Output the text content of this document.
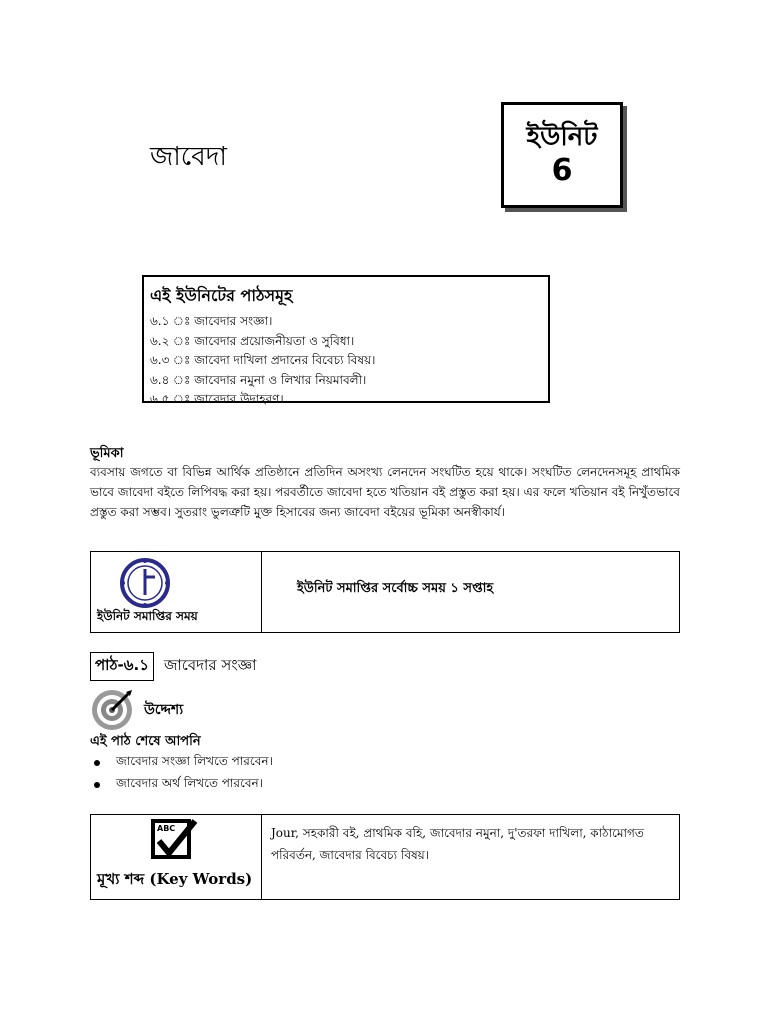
জাবেদা
ইউনিট
6
এই ইউনিটের পাঠসমূহ
৬.১ ঃ জাবেদার সংজ্ঞা।
৬.২ ঃ জাবেদার প্রয়োজনীয়তা ও সুবিধা।
৬.৩ ঃ জাবেদা দাখিলা প্রদানের বিবেচ্য বিষয়।
৬.৪ ঃ জাবেদার নমুনা ও লিখার নিয়মাবলী।
৬.৫ ঃ জাবেদার উদাহরণ।
ভূমিকা
ব্যবসায় জগতে বা বিভিন্ন আর্থিক প্রতিষ্ঠানে প্রতিদিন অসংখ্য লেনদেন সংঘটিত হয়ে থাকে। সংঘটিত লেনদেনসমূহ প্রাথমিক ভাবে জাবেদা বইতে লিপিবদ্ধ করা হয়। পরবর্তীতে জাবেদা হতে খতিয়ান বই প্রস্তুত করা হয়। এর ফলে খতিয়ান বই নিখুঁতভাবে প্রস্তুত করা সম্ভব। সুতরাং ভুলত্রুটি মুক্ত হিসাবের জন্য জাবেদা বইয়ের ভূমিকা অনস্বীকার্য।
ইউনিট সমাপ্তির সময়

ইউনিট সমাপ্তির সর্বোচ্চ সময় ১ সপ্তাহ
পাঠ-৬.১	জাবেদার সংজ্ঞা
উদ্দেশ্য
এই পাঠ শেষে আপনি
জাবেদার সংজ্ঞা লিখতে পারবেন।
জাবেদার অর্থ লিখতে পারবেন।
ABC
মূখ্য শব্দ (Key Words)

Jour, সহকারী বই, প্রাথমিক বহি, জাবেদার নমুনা, দু'তরফা দাখিলা, কাঠামোগত পরিবর্তন, জাবেদার বিবেচ্য বিষয়।
